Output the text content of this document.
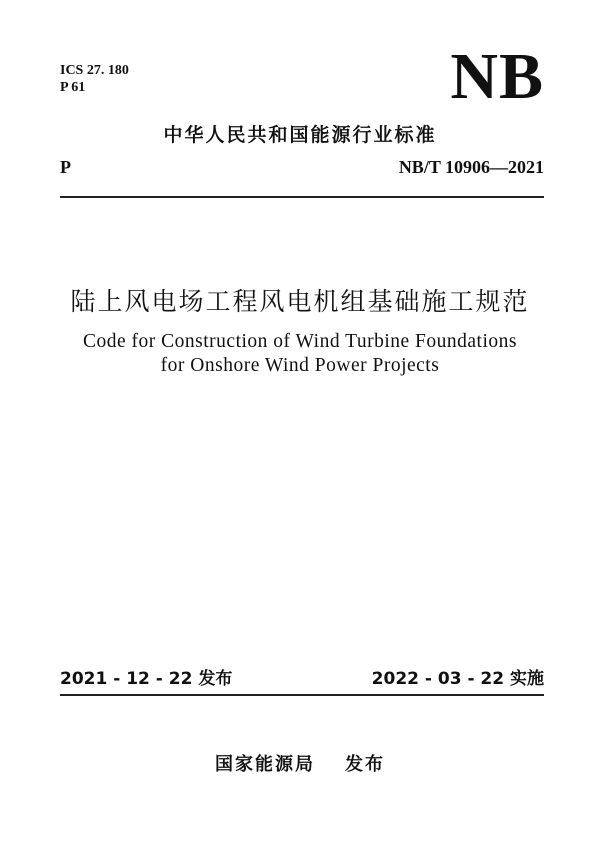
ICS 27. 180
P 61	NB
中华人民共和国能源行业标准
P	NB/T 10906—2021
陆上风电场工程风电机组基础施工规范
Code for Construction of Wind Turbine Foundations
for Onshore Wind Power Projects
2021 - 12 - 22 发布	2022 - 03 - 22 实施
国家能源局 发布
